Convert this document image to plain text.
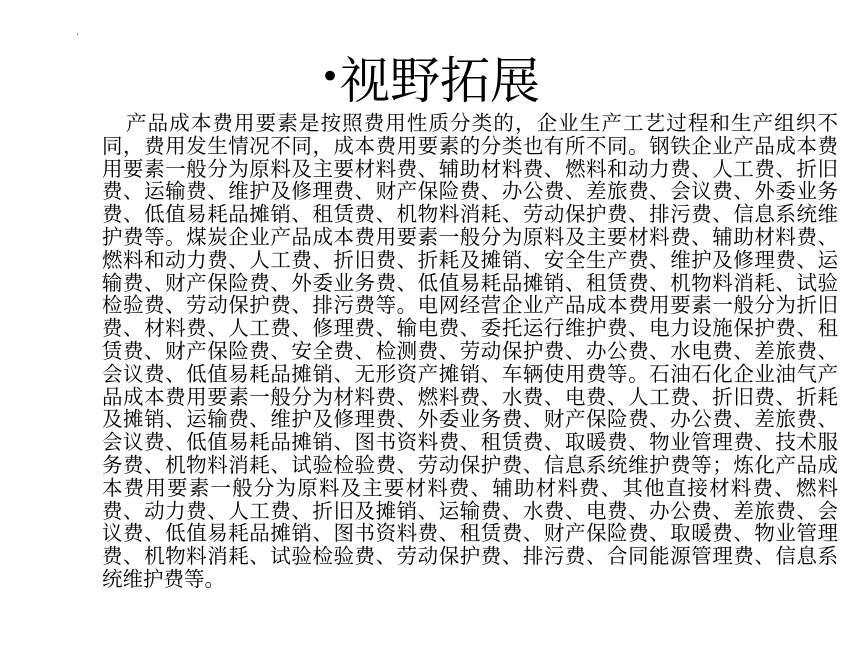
.
•视野拓展

产品成本费用要素是按照费用性质分类的，企业生产工艺过程和生产组织不同，费用发生情况不同，成本费用要素的分类也有所不同。钢铁企业产品成本费用要素一般分为原料及主要材料费、辅助材料费、燃料和动力费、人工费、折旧费、运输费、维护及修理费、财产保险费、办公费、差旅费、会议费、外委业务费、低值易耗品摊销、租赁费、机物料消耗、劳动保护费、排污费、信息系统维护费等。煤炭企业产品成本费用要素一般分为原料及主要材料费、辅助材料费、燃料和动力费、人工费、折旧费、折耗及摊销、安全生产费、维护及修理费、运输费、财产保险费、外委业务费、低值易耗品摊销、租赁费、机物料消耗、试验检验费、劳动保护费、排污费等。电网经营企业产品成本费用要素一般分为折旧费、材料费、人工费、修理费、输电费、委托运行维护费、电力设施保护费、租赁费、财产保险费、安全费、检测费、劳动保护费、办公费、水电费、差旅费、会议费、低值易耗品摊销、无形资产摊销、车辆使用费等。石油石化企业油气产品成本费用要素一般分为材料费、燃料费、水费、电费、人工费、折旧费、折耗及摊销、运输费、维护及修理费、外委业务费、财产保险费、办公费、差旅费、会议费、低值易耗品摊销、图书资料费、租赁费、取暖费、物业管理费、技术服务费、机物料消耗、试验检验费、劳动保护费、信息系统维护费等；炼化产品成本费用要素一般分为原料及主要材料费、辅助材料费、其他直接材料费、燃料费、动力费、人工费、折旧及摊销、运输费、水费、电费、办公费、差旅费、会议费、低值易耗品摊销、图书资料费、租赁费、财产保险费、取暖费、物业管理费、机物料消耗、试验检验费、劳动保护费、排污费、合同能源管理费、信息系统维护费等。
